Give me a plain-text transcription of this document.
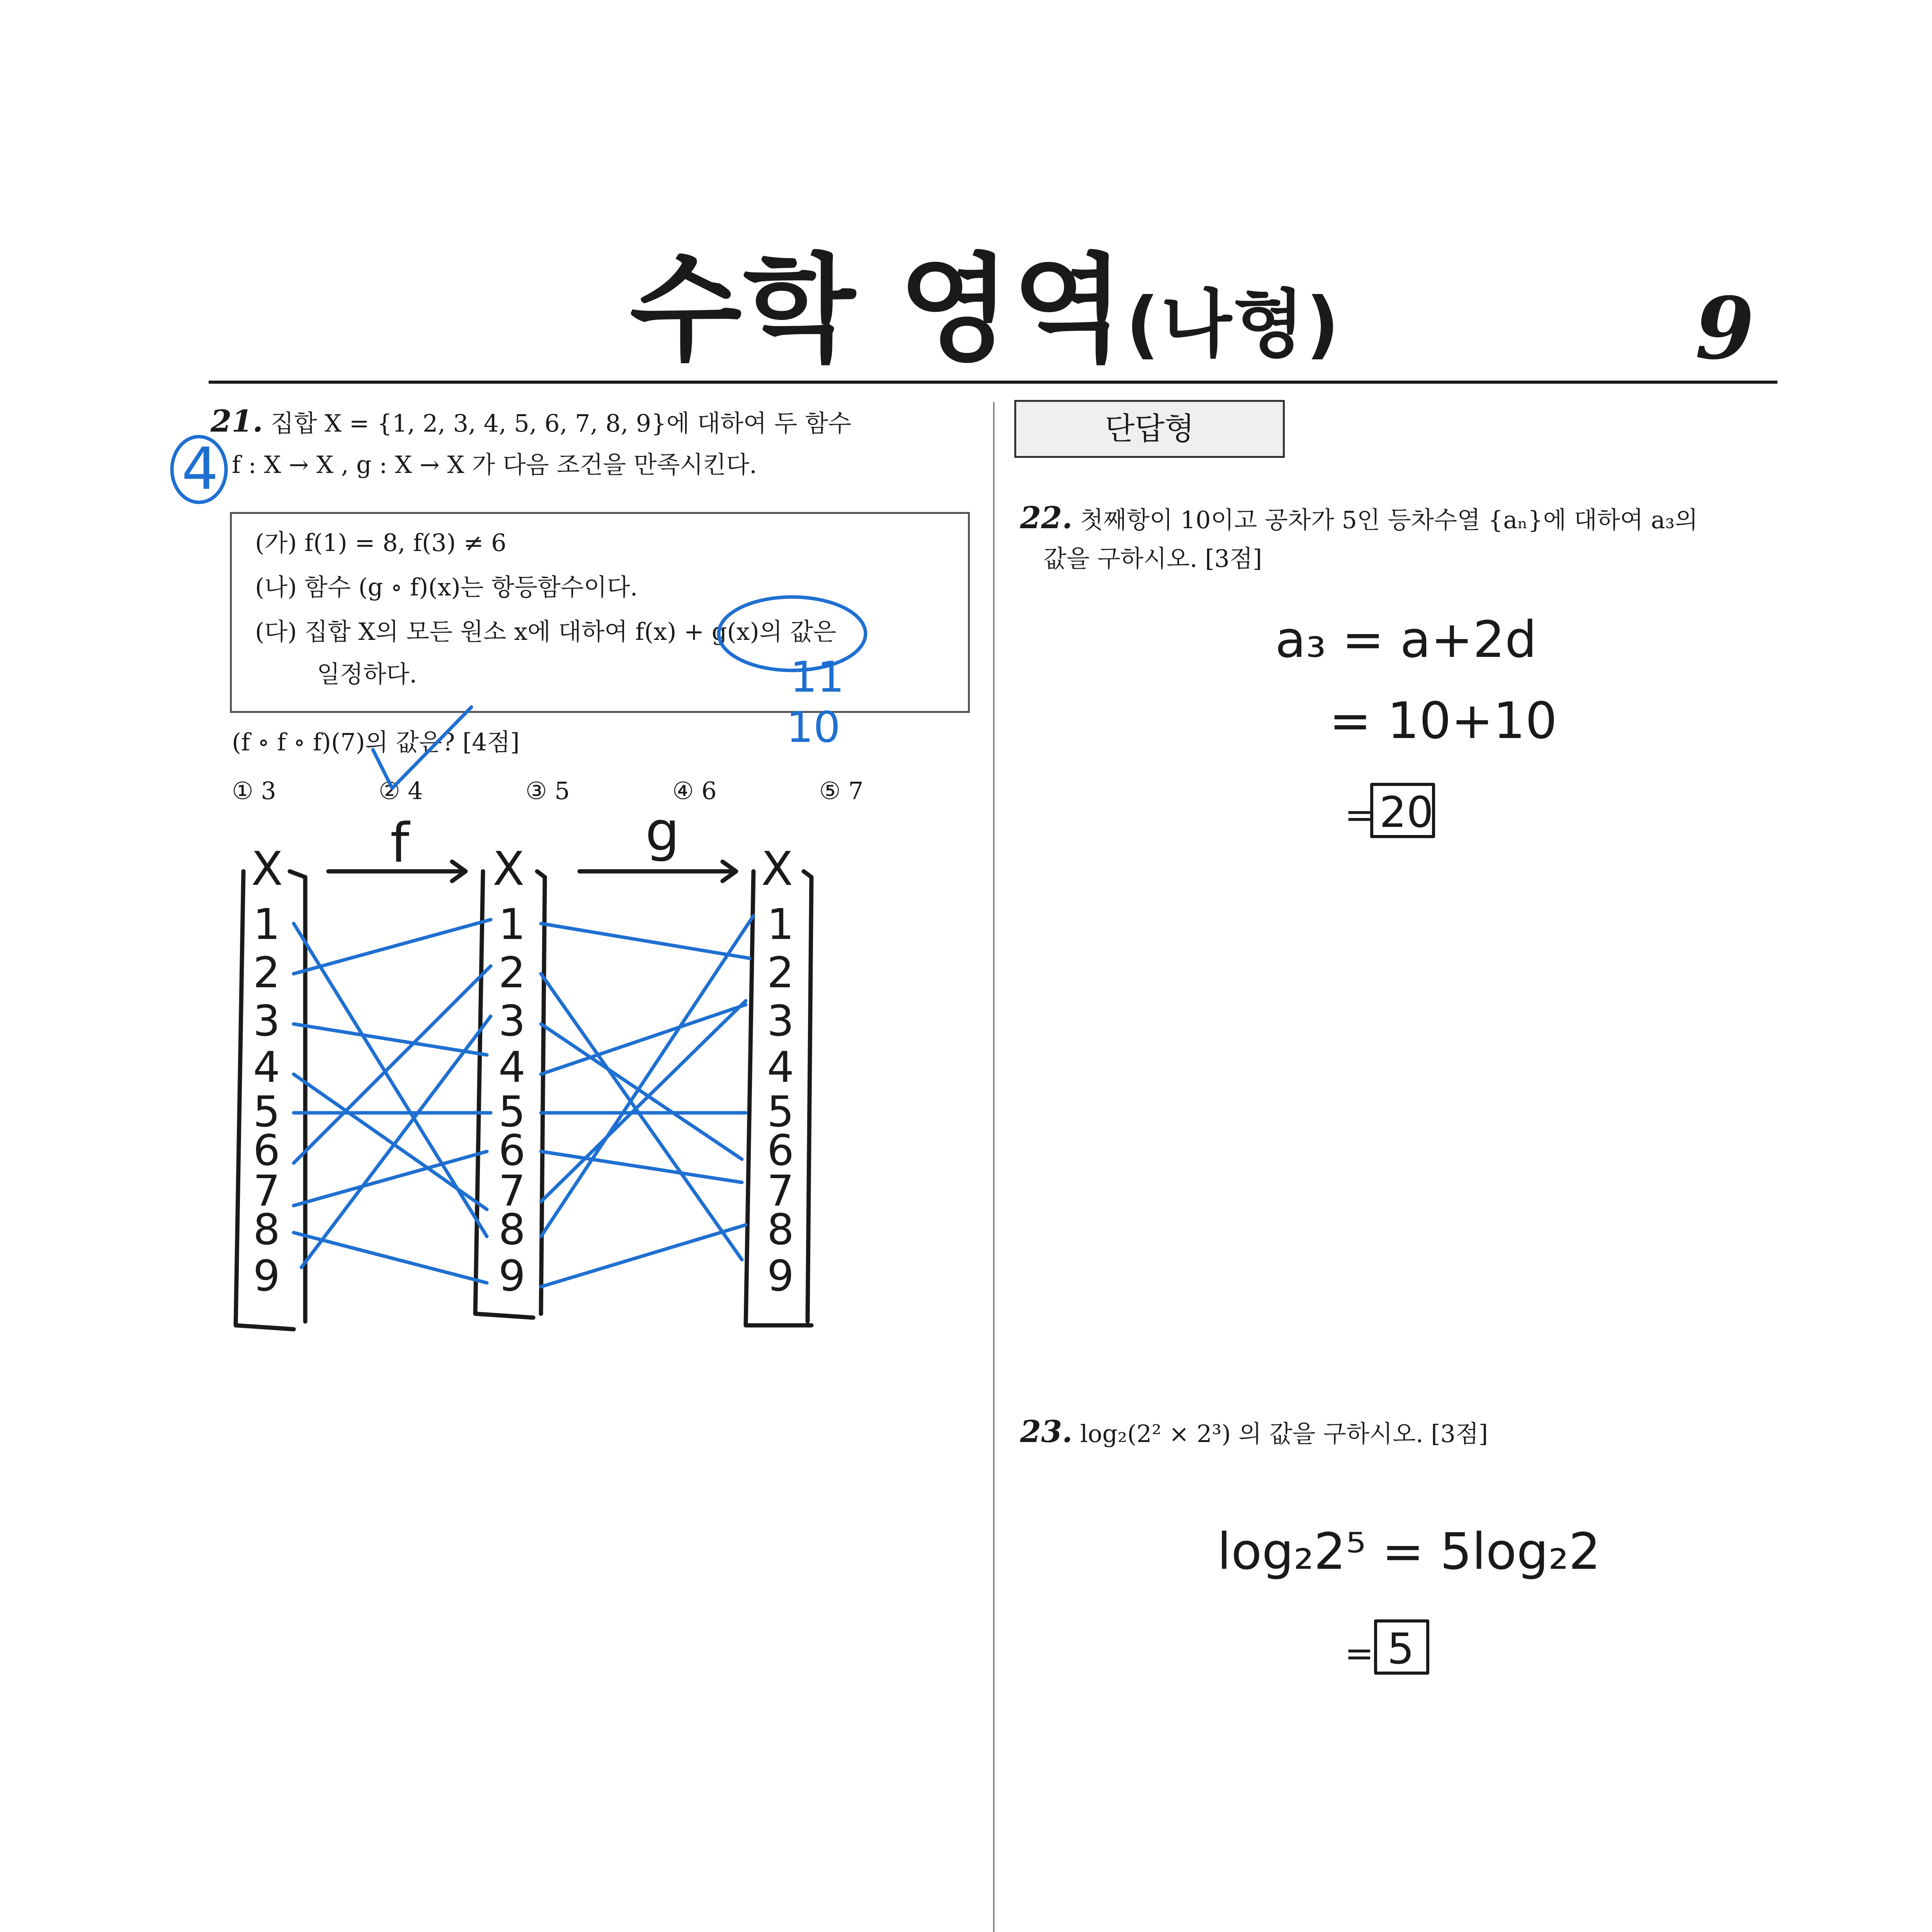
수학 영역(나형)	9
21. 집합 X = {1, 2, 3, 4, 5, 6, 7, 8, 9}에 대하여 두 함수
f : X → X , g : X → X 가 다음 조건을 만족시킨다.
(가) f(1) = 8, f(3) ≠ 6
(나) 함수 (g ∘ f)(x)는 항등함수이다.
(다) 집합 X의 모든 원소 x에 대하여 f(x) + g(x)의 값은
일정하다.
(f ∘ f ∘ f)(7)의 값은? [4점]
① 3	② 4	③ 5	④ 6	⑤ 7
단답형
22. 첫째항이 10이고 공차가 5인 등차수열 {aₙ}에 대하여 a₃의
값을 구하시오. [3점]
23. log₂(2² × 2³) 의 값을 구하시오. [3점]
4
11
10
f	g
X	X	X
1
2
3
4
5
6
7
8
9
1
2
3
4
5
6
7
8
9
1
2
3
4
5
6
7
8
9
a₃ = a+2d
= 10+10
= 20
log₂2⁵ = 5log₂2
= 5
